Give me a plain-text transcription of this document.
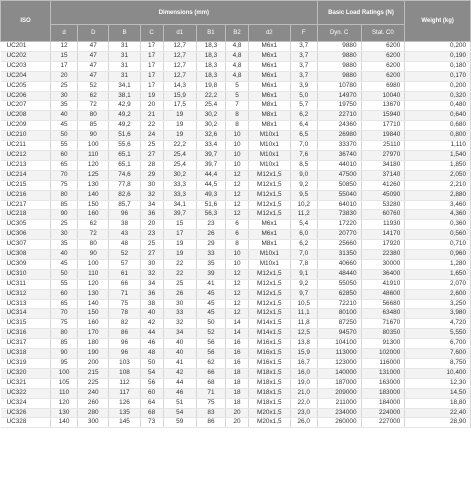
ISO	Dimensions (mm)									Basic Load Ratings (N)		Weight (kg)
	d	D	B	C	d1	B1	B2	d2	F	Dyn. C	Stat. C0	
UC201	12	47	31	17	12,7	18,3	4,8	M6x1	3,7	9880	6200	0,200
UC202	15	47	31	17	12,7	18,3	4,8	M6x1	3,7	9880	6200	0,190
UC203	17	47	31	17	12,7	18,3	4,8	M6x1	3,7	9880	6200	0,180
UC204	20	47	31	17	12,7	18,3	4,8	M6x1	3,7	9880	6200	0,170
UC205	25	52	34,1	17	14,3	19,8	5	M6x1	3,9	10780	6980	0,200
UC206	30	62	38,1	19	15,9	22,2	5	M6x1	5,0	14970	10040	0,320
UC207	35	72	42,9	20	17,5	25,4	7	M8x1	5,7	19750	13670	0,480
UC208	40	80	49,2	21	19	30,2	8	M8x1	6,2	22710	15940	0,640
UC209	45	85	49,2	22	19	30,2	8	M8x1	6,4	24360	17710	0,680
UC210	50	90	51,6	24	19	32,6	10	M10x1	6,5	26980	19840	0,800
UC211	55	100	55,6	25	22,2	33,4	10	M10x1	7,0	33370	25110	1,110
UC212	60	110	65,1	27	25,4	39,7	10	M10x1	7,6	36740	27970	1,540
UC213	65	120	65,1	28	25,4	39,7	10	M10x1	8,5	44010	34180	1,850
UC214	70	125	74,6	29	30,2	44,4	12	M12x1,5	9,0	47500	37140	2,050
UC215	75	130	77,8	30	33,3	44,5	12	M12x1,5	9,2	50850	41260	2,210
UC216	80	140	82,6	32	33,3	49,3	12	M12x1,5	9,5	55040	45090	2,880
UC217	85	150	85,7	34	34,1	51,6	12	M12x1,5	10,2	64010	53280	3,460
UC218	90	160	96	36	39,7	56,3	12	M12x1,5	11,2	73830	60760	4,360
UC305	25	62	38	20	15	23	6	M6x1	5,4	17220	11930	0,360
UC306	30	72	43	23	17	26	6	M6x1	6,0	20770	14170	0,560
UC307	35	80	48	25	19	29	8	M8x1	6,2	25660	17920	0,710
UC308	40	90	52	27	19	33	10	M10x1	7,0	31350	22380	0,960
UC309	45	100	57	30	22	35	10	M10x1	7,8	40660	30000	1,280
UC310	50	110	61	32	22	39	12	M12x1,5	9,1	48440	36400	1,650
UC311	55	120	66	34	25	41	12	M12x1,5	9,2	55050	41910	2,070
UC312	60	130	71	36	26	45	12	M12x1,5	9,7	62850	48600	2,600
UC313	65	140	75	38	30	45	12	M12x1,5	10,5	72210	56680	3,250
UC314	70	150	78	40	33	45	12	M12x1,5	11,1	80100	63480	3,980
UC315	75	160	82	42	32	50	14	M14x1,5	11,8	87250	71670	4,720
UC316	80	170	86	44	34	52	14	M14x1,5	12,5	94570	80350	5,550
UC317	85	180	96	46	40	56	16	M16x1,5	13,8	104100	91300	6,700
UC318	90	190	96	48	40	56	16	M16x1,5	15,9	113000	102000	7,600
UC319	95	200	103	50	41	62	16	M16x1,5	16,7	123000	116000	8,750
UC320	100	215	108	54	42	66	18	M18x1,5	16,0	140000	131000	10,400
UC321	105	225	112	56	44	68	18	M18x1,5	19,0	187000	163000	12,30
UC322	110	240	117	60	46	71	18	M18x1,5	21,0	209000	183000	14,50
UC324	120	260	126	64	51	75	18	M18x1,5	22,0	211000	184000	18,80
UC326	130	280	135	68	54	83	20	M20x1,5	23,0	234000	224000	22,40
UC328	140	300	145	73	59	86	20	M20x1,5	26,0	260000	227000	28,90
